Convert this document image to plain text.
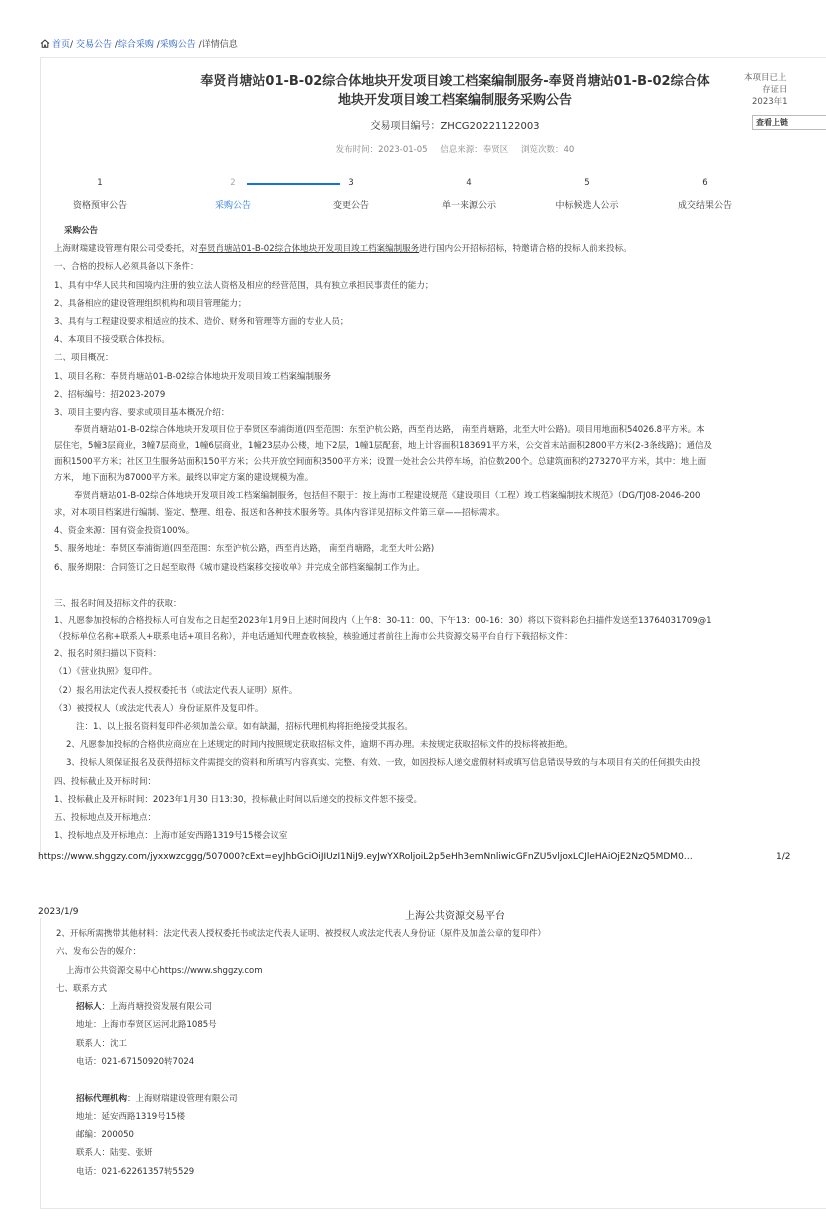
首页/ 交易公告 /综合采购 /采购公告 /详情信息
奉贤肖塘站01-B-02综合体地块开发项目竣工档案编制服务-奉贤肖塘站01-B-02综合体地块开发项目竣工档案编制服务采购公告
交易项目编号：ZHCG20221122003
发布时间：2023-01-05 信息来源：奉贤区 浏览次数：40
本项目已上
存证日
2023年1
查看上链
1
资格预审公告
2
采购公告
3
变更公告
4
单一来源公示
5
中标候选人公示
6
成交结果公告
采购公告
上海财瑞建设管理有限公司受委托，对奉贤肖塘站01-B-02综合体地块开发项目竣工档案编制服务进行国内公开招标招标，特邀请合格的投标人前来投标。
一、合格的投标人必须具备以下条件：
1、具有中华人民共和国境内注册的独立法人资格及相应的经营范围，具有独立承担民事责任的能力；
2、具备相应的建设管理组织机构和项目管理能力；
3、具有与工程建设要求相适应的技术、造价、财务和管理等方面的专业人员；
4、本项目不接受联合体投标。
二、项目概况：
1、项目名称：奉贤肖塘站01-B-02综合体地块开发项目竣工档案编制服务
2、招标编号：招2023-2079
3、项目主要内容、要求或项目基本概况介绍：
奉贤肖塘站01-B-02综合体地块开发项目位于奉贤区奉浦街道(四至范围：东至沪杭公路，西至肖达路， 南至肖塘路，北至大叶公路)。项目用地面积54026.8平方米。本
层住宅，5幢3层商业，3幢7层商业，1幢6层商业，1幢23层办公楼，地下2层，1幢1层配套，地上计容面积183691平方米，公交首末站面积2800平方米(2-3条线路)；通信及
面积1500平方米；社区卫生服务站面积150平方米；公共开放空间面积3500平方米；设置一处社会公共停车场，泊位数200个。总建筑面积约273270平方米，其中：地上面
方米， 地下面积为87000平方米。最终以审定方案的建设规模为准。
奉贤肖塘站01-B-02综合体地块开发项目竣工档案编制服务，包括但不限于：按上海市工程建设规范《建设项目（工程）竣工档案编制技术规范》（DG/TJ08-2046-200
求，对本项目档案进行编制、鉴定、整理、组卷、报送和各种技术服务等。具体内容详见招标文件第三章——招标需求。
4、资金来源：国有资金投资100%。
5、服务地址：奉贤区奉浦街道(四至范围：东至沪杭公路，西至肖达路， 南至肖塘路，北至大叶公路)
6、服务期限：合同签订之日起至取得《城市建设档案移交接收单》并完成全部档案编制工作为止。
三、报名时间及招标文件的获取：
1、凡愿参加投标的合格投标人可自发布之日起至2023年1月9日上述时间段内（上午8：30-11：00、下午13：00-16：30）将以下资料彩色扫描件发送至13764031709@1
（投标单位名称+联系人+联系电话+项目名称），并电话通知代理查收核验，核验通过者前往上海市公共资源交易平台自行下载招标文件：
2、报名时须扫描以下资料：
（1）《营业执照》复印件。
（2）报名用法定代表人授权委托书（或法定代表人证明）原件。
（3）被授权人（或法定代表人）身份证原件及复印件。
注：1、以上报名资料复印件必须加盖公章。如有缺漏，招标代理机构将拒绝接受其报名。
2、凡愿参加投标的合格供应商应在上述规定的时间内按照规定获取招标文件，逾期不再办理。未按规定获取招标文件的投标将被拒绝。
3、投标人须保证报名及获得招标文件需提交的资料和所填写内容真实、完整、有效、一致，如因投标人递交虚假材料或填写信息错误导致的与本项目有关的任何损失由投
四、投标截止及开标时间：
1、投标截止及开标时间：2023年1月30 日13:30，投标截止时间以后递交的投标文件恕不接受。
五、投标地点及开标地点：
1、投标地点及开标地点：上海市延安西路1319号15楼会议室
https://www.shggzy.com/jyxxwzcggg/507000?cExt=eyJhbGciOiJIUzI1NiJ9.eyJwYXRoljoiL2p5eHh3emNnliwicGFnZU5vljoxLCJleHAiOjE2NzQ5MDM0…	1/2
2023/1/9	上海公共资源交易平台
2、开标所需携带其他材料：法定代表人授权委托书或法定代表人证明、被授权人或法定代表人身份证（原件及加盖公章的复印件）
六、发布公告的媒介：
上海市公共资源交易中心https://www.shggzy.com
七、联系方式
招标人：上海肖塘投资发展有限公司
地址：上海市奉贤区运河北路1085号
联系人：沈工
电话：021-67150920转7024
招标代理机构：上海财瑞建设管理有限公司
地址：延安西路1319号15楼
邮编：200050
联系人：陆雯、张妍
电话：021-62261357转5529
